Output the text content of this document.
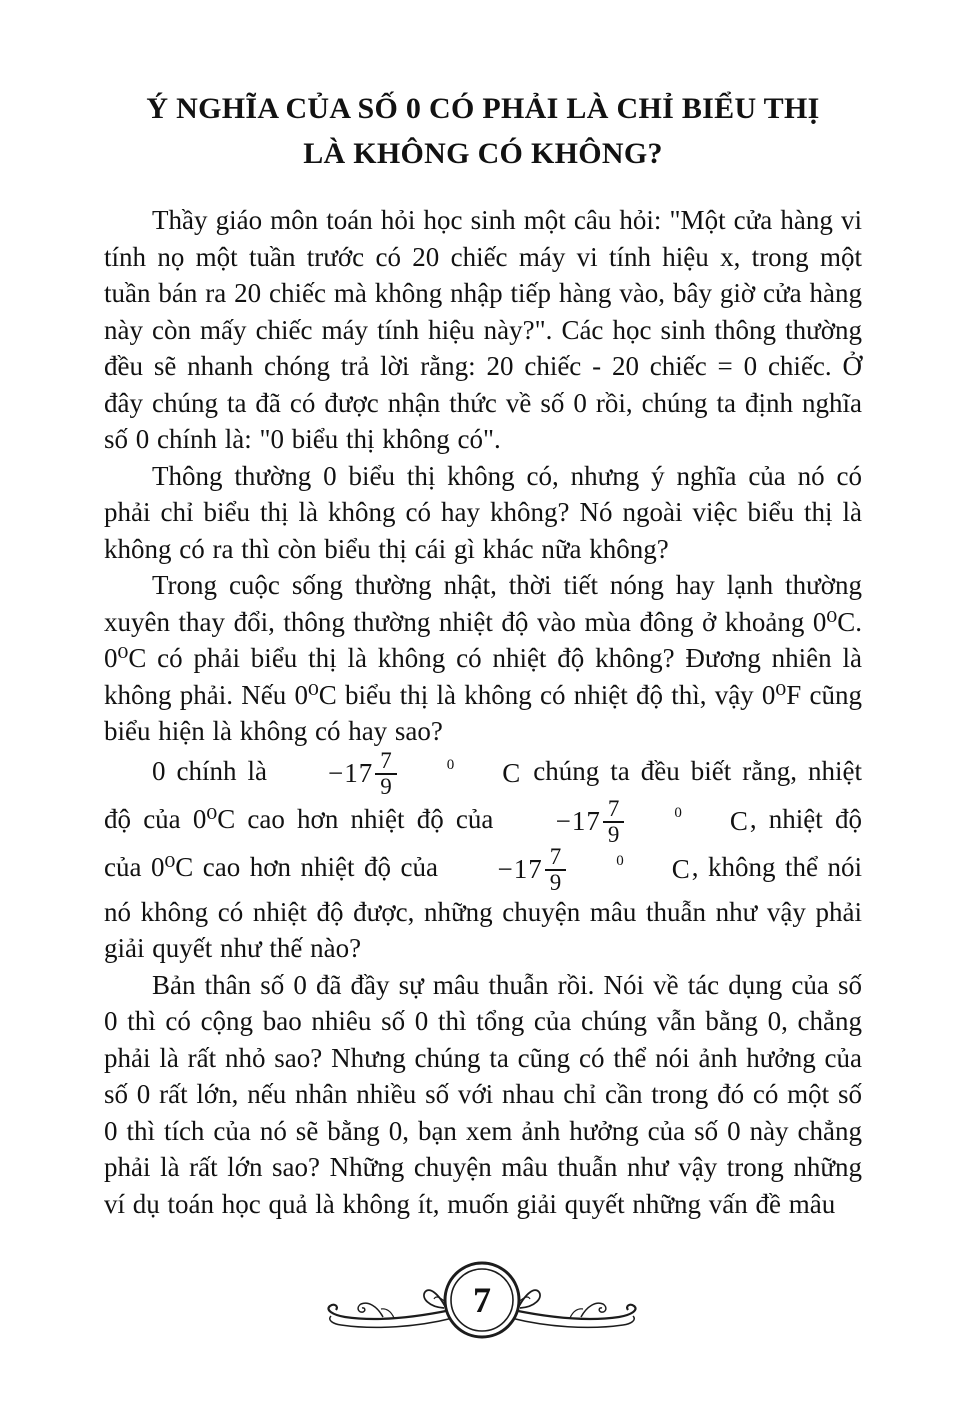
Ý NGHĨA CỦA SỐ 0 CÓ PHẢI LÀ CHỈ BIỂU THỊ
LÀ KHÔNG CÓ KHÔNG?

Thầy giáo môn toán hỏi học sinh một câu hỏi: "Một cửa hàng vi tính nọ một tuần trước có 20 chiếc máy vi tính hiệu x, trong một tuần bán ra 20 chiếc mà không nhập tiếp hàng vào, bây giờ cửa hàng này còn mấy chiếc máy tính hiệu này?". Các học sinh thông thường đều sẽ nhanh chóng trả lời rằng: 20 chiếc - 20 chiếc = 0 chiếc. Ở đây chúng ta đã có được nhận thức về số 0 rồi, chúng ta định nghĩa số 0 chính là: "0 biểu thị không có".

Thông thường 0 biểu thị không có, nhưng ý nghĩa của nó có phải chỉ biểu thị là không có hay không? Nó ngoài việc biểu thị là không có ra thì còn biểu thị cái gì khác nữa không?

Trong cuộc sống thường nhật, thời tiết nóng hay lạnh thường xuyên thay đổi, thông thường nhiệt độ vào mùa đông ở khoảng 0⁰C. 0⁰C có phải biểu thị là không có nhiệt độ không? Đương nhiên là không phải. Nếu 0⁰C biểu thị là không có nhiệt độ thì, vậy 0⁰F cũng biểu hiện là không có hay sao?

0 chính là	$-17 \frac{7}{9}$	0	C chúng ta đều biết rằng, nhiệt độ của 0⁰C cao hơn nhiệt độ của	$-17 \frac{7}{9}$	0	C , nhiệt độ của 0⁰C cao hơn nhiệt độ của	$-17 \frac{7}{9}$	0	C , không thể nói nó không có nhiệt độ được, những chuyện mâu thuẫn như vậy phải giải quyết như thế nào?

Bản thân số 0 đã đầy sự mâu thuẫn rồi. Nói về tác dụng của số 0 thì có cộng bao nhiêu số 0 thì tổng của chúng vẫn bằng 0, chẳng phải là rất nhỏ sao? Nhưng chúng ta cũng có thể nói ảnh hưởng của số 0 rất lớn, nếu nhân nhiều số với nhau chỉ cần trong đó có một số 0 thì tích của nó sẽ bằng 0, bạn xem ảnh hưởng của số 0 này chẳng phải là rất lớn sao? Những chuyện mâu thuẫn như vậy trong những ví dụ toán học quả là không ít, muốn giải quyết những vấn đề mâu

7
